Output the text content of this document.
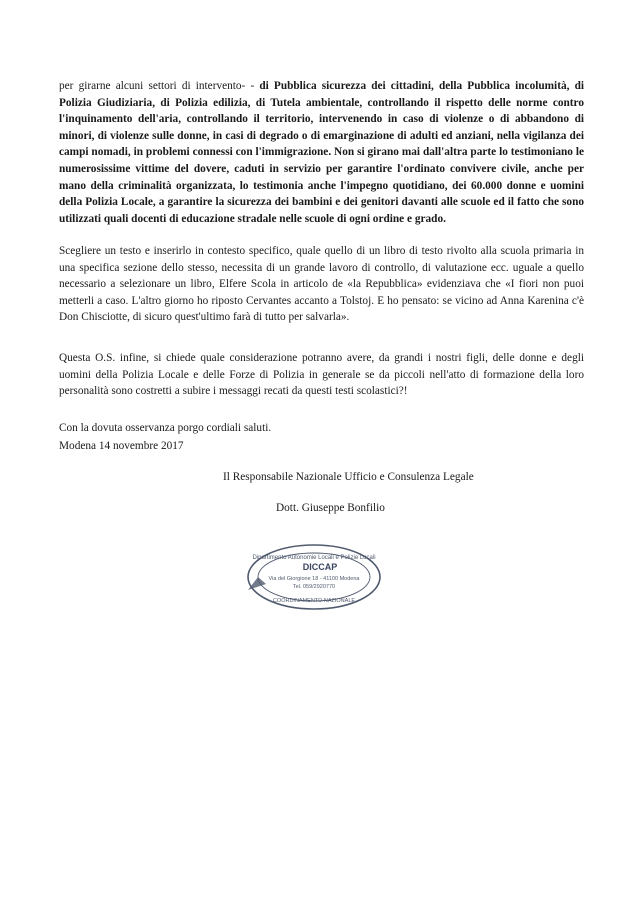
per girarne alcuni settori di intervento- - di Pubblica sicurezza dei cittadini, della Pubblica incolumità, di Polizia Giudiziaria, di Polizia edilizia, di Tutela ambientale, controllando il rispetto delle norme contro l'inquinamento dell'aria, controllando il territorio, intervenendo in caso di violenze o di abbandono di minori, di violenze sulle donne, in casi di degrado o di emarginazione di adulti ed anziani, nella vigilanza dei campi nomadi, in problemi connessi con l'immigrazione. Non si girano mai dall'altra parte lo testimoniano le numerosissime vittime del dovere, caduti in servizio per garantire l'ordinato convivere civile, anche per mano della criminalità organizzata, lo testimonia anche l'impegno quotidiano, dei 60.000 donne e uomini della Polizia Locale, a garantire la sicurezza dei bambini e dei genitori davanti alle scuole ed il fatto che sono utilizzati quali docenti di educazione stradale nelle scuole di ogni ordine e grado.

Scegliere un testo e inserirlo in contesto specifico, quale quello di un libro di testo rivolto alla scuola primaria in una specifica sezione dello stesso, necessita di un grande lavoro di controllo, di valutazione ecc. uguale a quello necessario a selezionare un libro, Elfere Scola in articolo de «la Repubblica» evidenziava che «I fiori non puoi metterli a caso. L'altro giorno ho riposto Cervantes accanto a Tolstoj. E ho pensato: se vicino ad Anna Karenina c'è Don Chisciotte, di sicuro quest'ultimo farà di tutto per salvarla».

Questa O.S. infine, si chiede quale considerazione potranno avere, da grandi i nostri figli, delle donne e degli uomini della Polizia Locale e delle Forze di Polizia in generale se da piccoli nell'atto di formazione della loro personalità sono costretti a subire i messaggi recati da questi testi scolastici?!

Con la dovuta osservanza porgo cordiali saluti.

Modena 14 novembre 2017
Il Responsabile Nazionale Ufficio e Consulenza Legale
Dott. Giuseppe Bonfilio
Dipartimento Autonomie Locali e Polizie Locali
DICCAP
Via del Giorgione 18 - 41100 Modena
Tel. 059/2920770
COORDINAMENTO NAZIONALE
